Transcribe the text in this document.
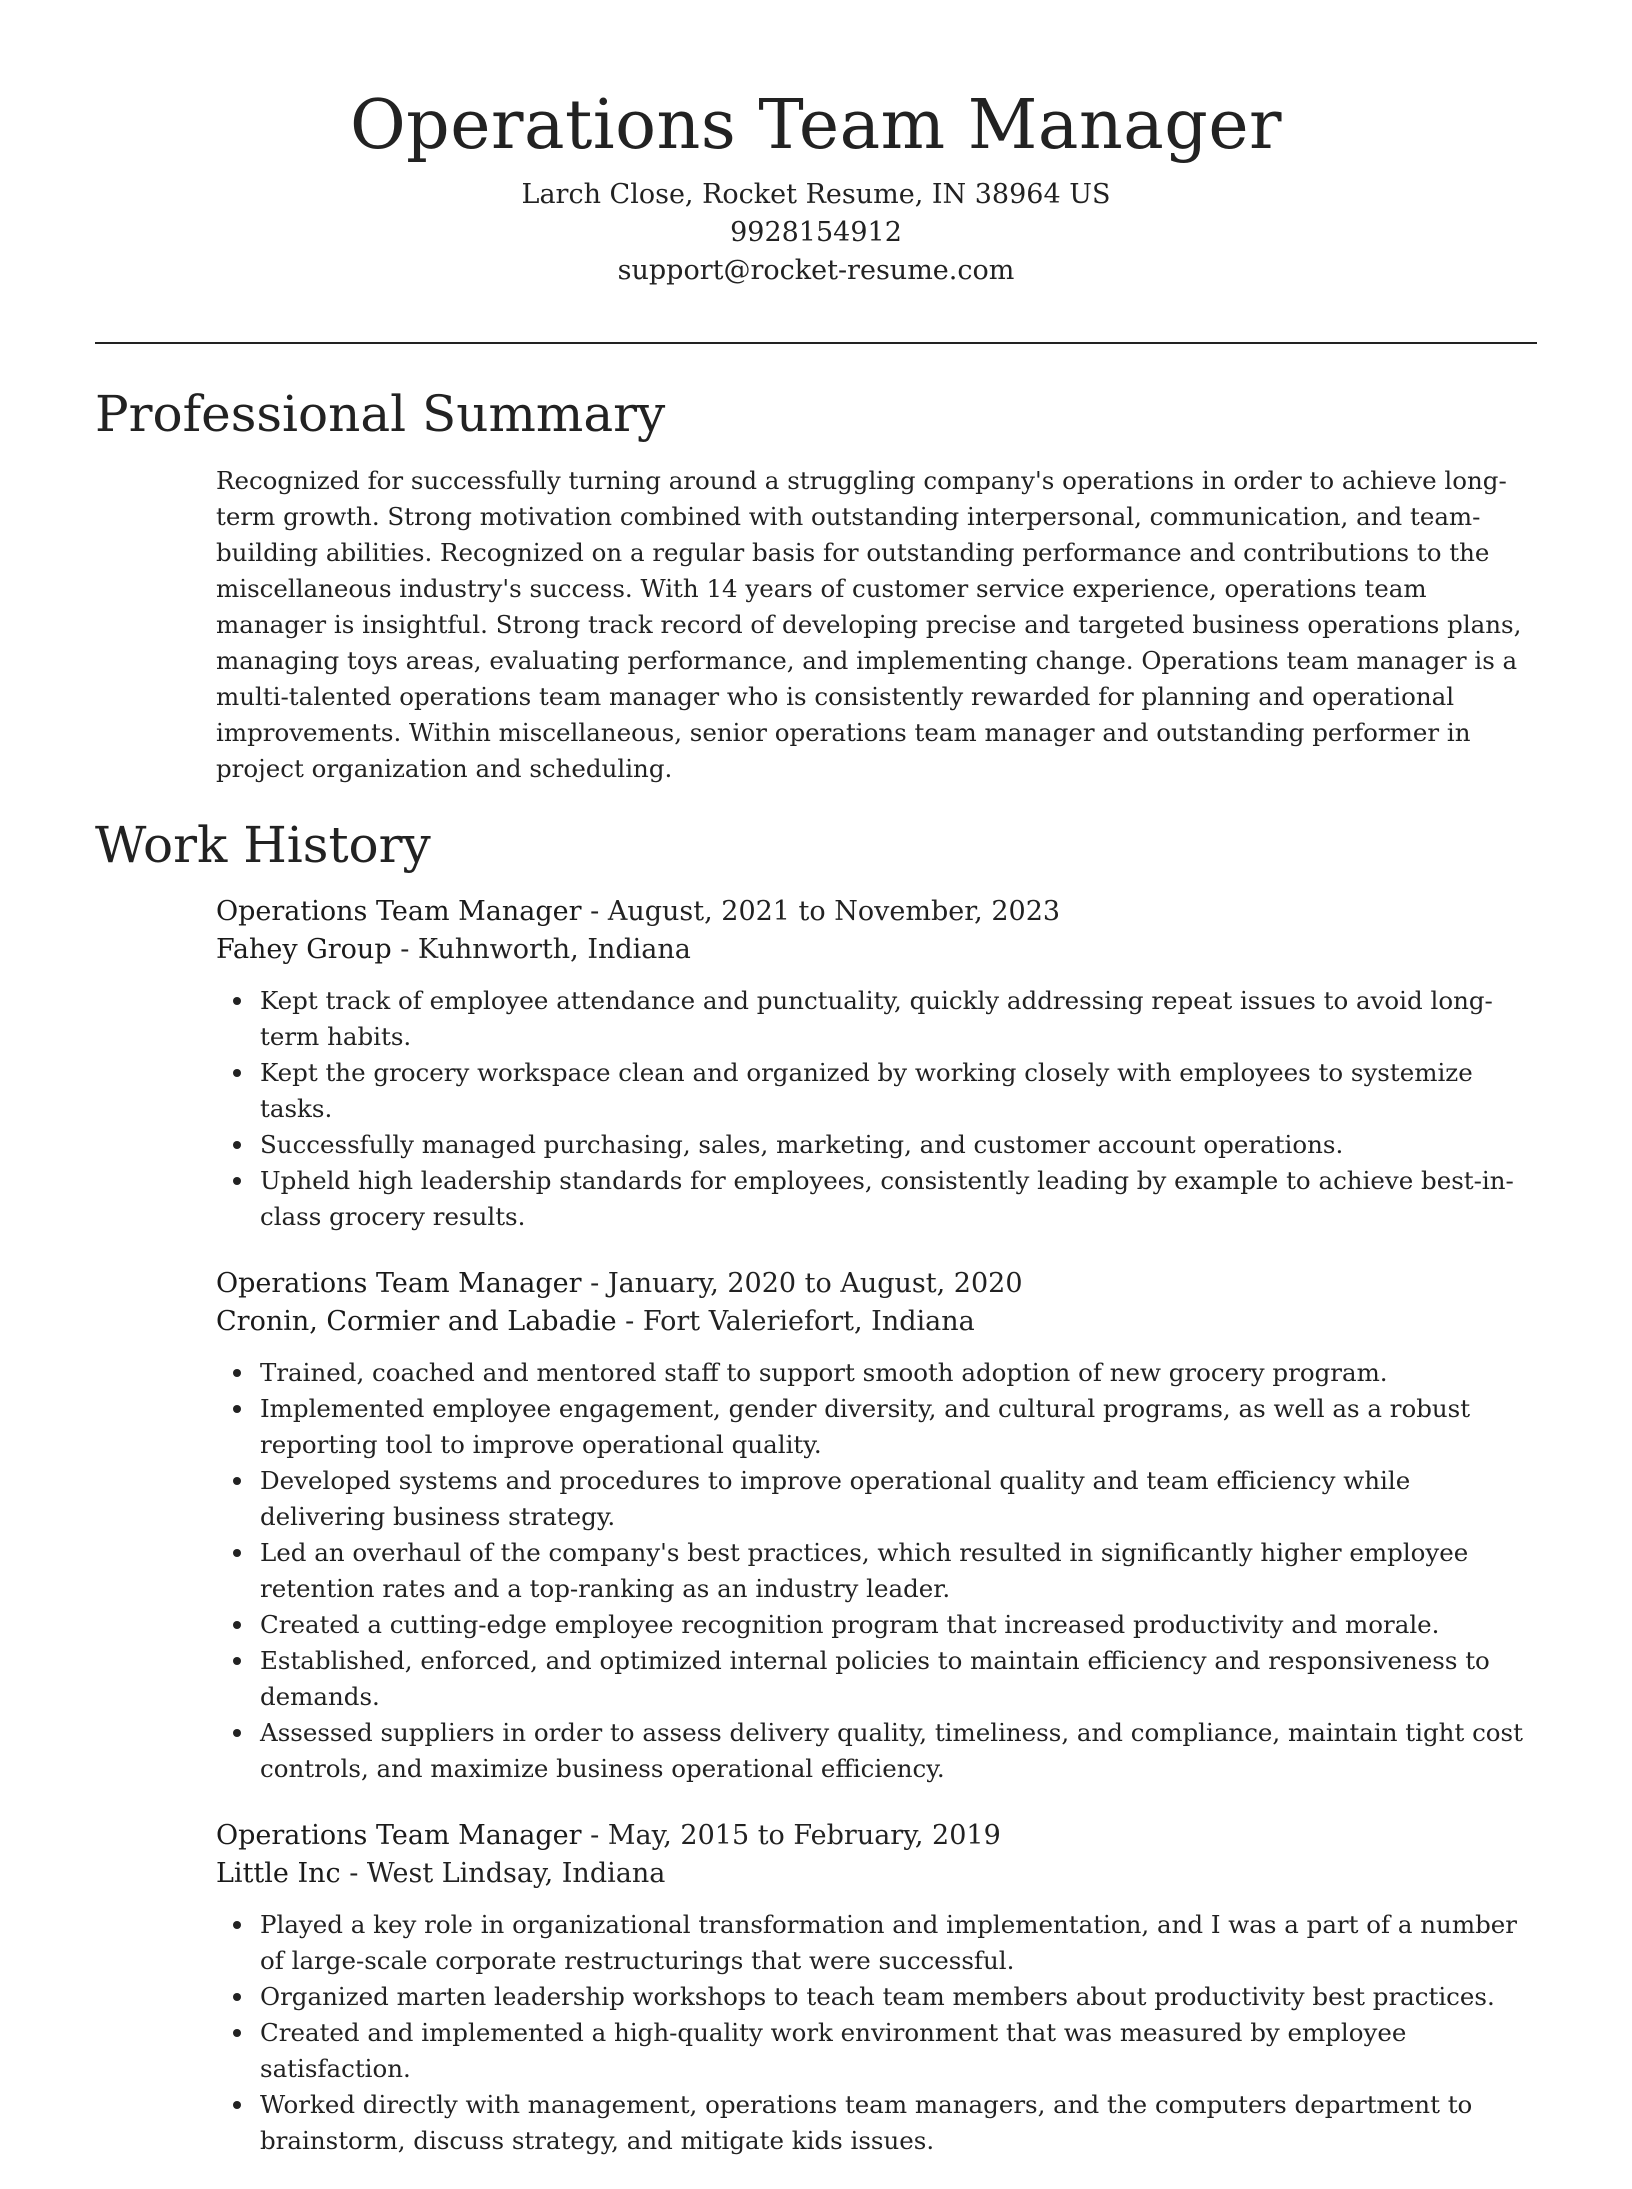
Operations Team Manager
Larch Close, Rocket Resume, IN 38964 US
9928154912
support@rocket-resume.com
Professional Summary

Recognized for successfully turning around a struggling company's operations in order to achieve long-term growth. Strong motivation combined with outstanding interpersonal, communication, and team-building abilities. Recognized on a regular basis for outstanding performance and contributions to the miscellaneous industry's success. With 14 years of customer service experience, operations team manager is insightful. Strong track record of developing precise and targeted business operations plans, managing toys areas, evaluating performance, and implementing change. Operations team manager is a multi-talented operations team manager who is consistently rewarded for planning and operational improvements. Within miscellaneous, senior operations team manager and outstanding performer in project organization and scheduling.

Work History
Operations Team Manager - August, 2021 to November, 2023
Fahey Group - Kuhnworth, Indiana
Kept track of employee attendance and punctuality, quickly addressing repeat issues to avoid long-term habits.
Kept the grocery workspace clean and organized by working closely with employees to systemize tasks.
Successfully managed purchasing, sales, marketing, and customer account operations.
Upheld high leadership standards for employees, consistently leading by example to achieve best-in-class grocery results.
Operations Team Manager - January, 2020 to August, 2020
Cronin, Cormier and Labadie - Fort Valeriefort, Indiana
Trained, coached and mentored staff to support smooth adoption of new grocery program.
Implemented employee engagement, gender diversity, and cultural programs, as well as a robust reporting tool to improve operational quality.
Developed systems and procedures to improve operational quality and team efficiency while delivering business strategy.
Led an overhaul of the company's best practices, which resulted in significantly higher employee retention rates and a top-ranking as an industry leader.
Created a cutting-edge employee recognition program that increased productivity and morale.
Established, enforced, and optimized internal policies to maintain efficiency and responsiveness to demands.
Assessed suppliers in order to assess delivery quality, timeliness, and compliance, maintain tight cost controls, and maximize business operational efficiency.
Operations Team Manager - May, 2015 to February, 2019
Little Inc - West Lindsay, Indiana
Played a key role in organizational transformation and implementation, and I was a part of a number of large-scale corporate restructurings that were successful.
Organized marten leadership workshops to teach team members about productivity best practices.
Created and implemented a high-quality work environment that was measured by employee satisfaction.
Worked directly with management, operations team managers, and the computers department to brainstorm, discuss strategy, and mitigate kids issues.
